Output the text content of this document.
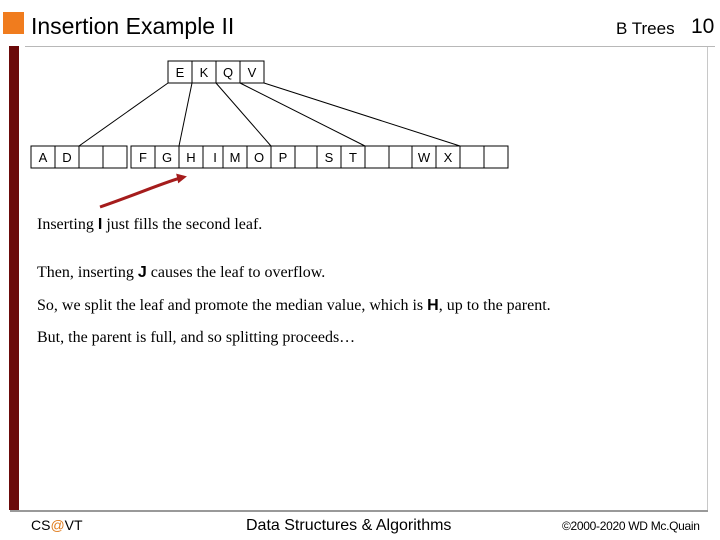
Insertion Example II	B Trees 10
E K Q V
A D	F G H I M O P	S T	W X
Inserting I just fills the second leaf.
Then, inserting J causes the leaf to overflow.
So, we split the leaf and promote the median value, which is H, up to the parent.
But, the parent is full, and so splitting proceeds…
CS@VT	Data Structures & Algorithms	©2000-2020 WD Mc.Quain
